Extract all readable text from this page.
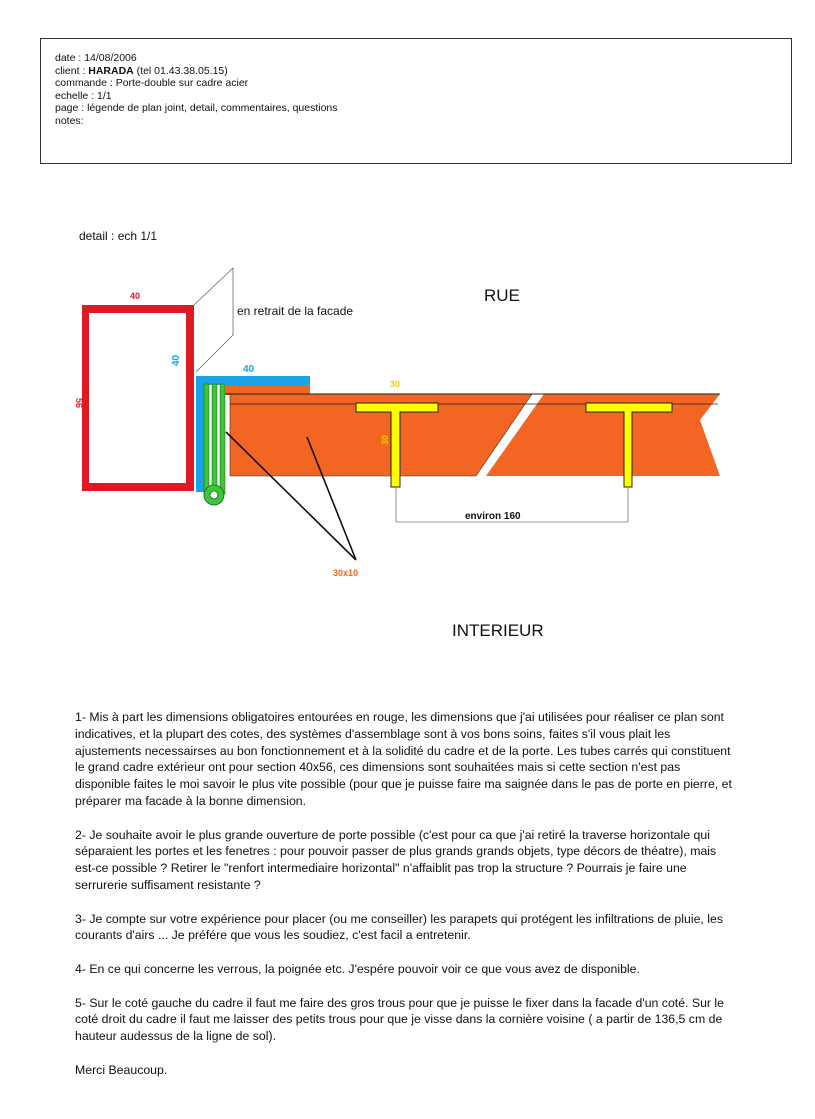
date : 14/08/2006
client : HARADA (tel 01.43.38.05.15)
commande : Porte-double sur cadre acier
echelle : 1/1
page : légende de plan joint, detail, commentaires, questions
notes:
detail : ech 1/1
RUE
INTERIEUR
40
56
40
40
30
30
environ 160
30x10
en retrait de la facade

1- Mis à part les dimensions obligatoires entourées en rouge, les dimensions que j'ai utilisées pour réaliser ce plan sont indicatives, et la plupart des cotes, des systèmes d'assemblage sont à vos bons soins, faites s'il vous plait les ajustements necessairses au bon fonctionnement et à la solidité du cadre et de la porte. Les tubes carrés qui constituent le grand cadre extérieur ont pour section 40x56, ces dimensions sont souhaitées mais si cette section n'est pas disponible faites le moi savoir le plus vite possible (pour que je puisse faire ma saignée dans le pas de porte en pierre, et préparer ma facade à la bonne dimension.

2- Je souhaite avoir le plus grande ouverture de porte possible (c'est pour ca que j'ai retiré la traverse horizontale qui séparaient les portes et les fenetres : pour pouvoir passer de plus grands grands objets, type décors de théatre), mais est-ce possible ? Retirer le "renfort intermediaire horizontal" n'affaiblit pas trop la structure ? Pourrais je faire une serrurerie suffisament resistante ?

3- Je compte sur votre expérience pour placer (ou me conseiller) les parapets qui protégent les infiltrations de pluie, les courants d'airs ... Je préfére que vous les soudiez, c'est facil a entretenir.

4- En ce qui concerne les verrous, la poignée etc. J'espére pouvoir voir ce que vous avez de disponible.

5- Sur le coté gauche du cadre il faut me faire des gros trous pour que je puisse le fixer dans la facade d'un coté. Sur le coté droit du cadre il faut me laisser des petits trous pour que je visse dans la cornière voisine ( a partir de 136,5 cm de hauteur audessus de la ligne de sol).

Merci Beaucoup.
